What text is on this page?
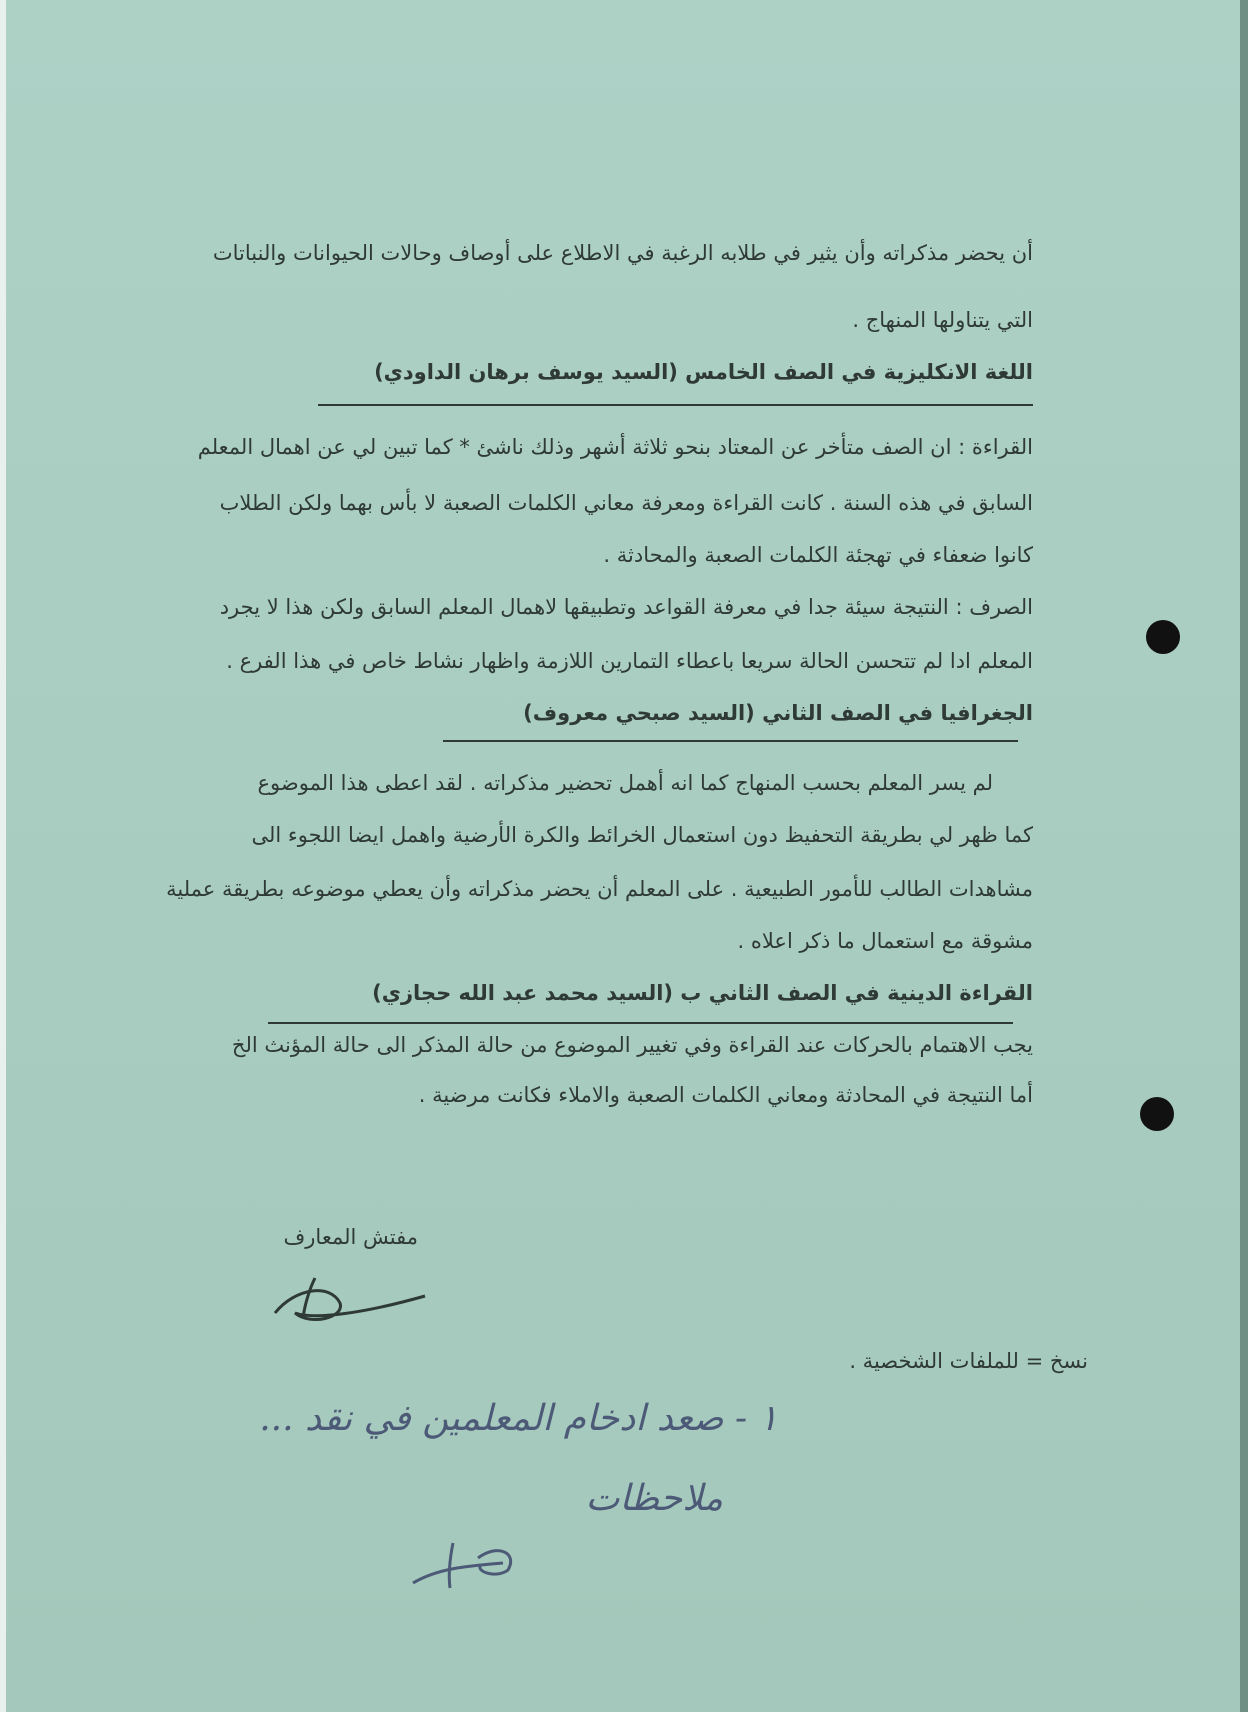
أن يحضر مذكراته وأن يثير في طلابه الرغبة في الاطلاع على أوصاف وحالات الحيوانات والنباتات
التي يتناولها المنهاج .
اللغة الانكليزية في الصف الخامس (السيد يوسف برهان الداودي)
القراءة : ان الصف متأخر عن المعتاد بنحو ثلاثة أشهر وذلك ناشئ * كما تبين لي عن اهمال المعلم
السابق في هذه السنة . كانت القراءة ومعرفة معاني الكلمات الصعبة لا بأس بهما ولكن الطلاب
كانوا ضعفاء في تهجئة الكلمات الصعبة والمحادثة .
الصرف : النتيجة سيئة جدا في معرفة القواعد وتطبيقها لاهمال المعلم السابق ولكن هذا لا يجرد
المعلم ادا لم تتحسن الحالة سريعا باعطاء التمارين اللازمة واظهار نشاط خاص في هذا الفرع .
الجغرافيا في الصف الثاني (السيد صبحي معروف)
لم يسر المعلم بحسب المنهاج كما انه أهمل تحضير مذكراته . لقد اعطى هذا الموضوع
كما ظهر لي بطريقة التحفيظ دون استعمال الخرائط والكرة الأرضية واهمل ايضا اللجوء الى
مشاهدات الطالب للأمور الطبيعية . على المعلم أن يحضر مذكراته وأن يعطي موضوعه بطريقة عملية
مشوقة مع استعمال ما ذكر اعلاه .
القراءة الدينية في الصف الثاني ب (السيد محمد عبد الله حجازي)
يجب الاهتمام بالحركات عند القراءة وفي تغيير الموضوع من حالة المذكر الى حالة المؤنث الخ
أما النتيجة في المحادثة ومعاني الكلمات الصعبة والاملاء فكانت مرضية .
مفتش المعارف
نسخ = للملفات الشخصية .
١ - صعد ادخام المعلمين في نقد ...
ملاحظات
